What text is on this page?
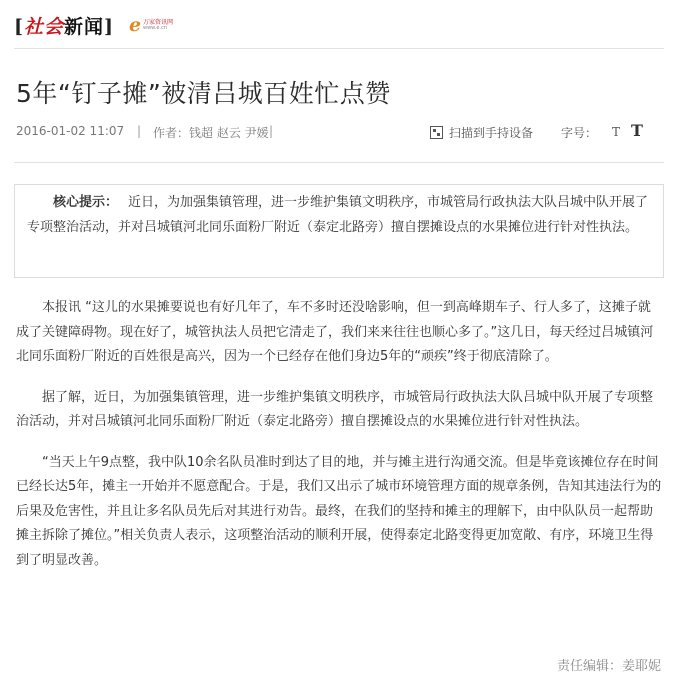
[社会新闻] e 万家资讯网
www.e.cn
5年“钉子摊”被清吕城百姓忙点赞
2016-01-02 11:07 | 作者：钱超 赵云 尹媛 |	扫描到手持设备 字号： T T

核心提示： 近日，为加强集镇管理，进一步维护集镇文明秩序，市城管局行政执法大队吕城中队开展了专项整治活动，并对吕城镇河北同乐面粉厂附近（泰定北路旁）擅自摆摊设点的水果摊位进行针对性执法。

本报讯 “这儿的水果摊要说也有好几年了，车不多时还没啥影响，但一到高峰期车子、行人多了，这摊子就成了关键障碍物。现在好了，城管执法人员把它清走了，我们来来往往也顺心多了。”这几日，每天经过吕城镇河北同乐面粉厂附近的百姓很是高兴，因为一个已经存在他们身边5年的“顽疾”终于彻底清除了。

据了解，近日，为加强集镇管理，进一步维护集镇文明秩序，市城管局行政执法大队吕城中队开展了专项整治活动，并对吕城镇河北同乐面粉厂附近（泰定北路旁）擅自摆摊设点的水果摊位进行针对性执法。

“当天上午9点整，我中队10余名队员准时到达了目的地，并与摊主进行沟通交流。但是毕竟该摊位存在时间已经长达5年，摊主一开始并不愿意配合。于是，我们又出示了城市环境管理方面的规章条例，告知其违法行为的后果及危害性，并且让多名队员先后对其进行劝告。最终，在我们的坚持和摊主的理解下，由中队队员一起帮助摊主拆除了摊位。”相关负责人表示，这项整治活动的顺利开展，使得泰定北路变得更加宽敞、有序，环境卫生得到了明显改善。

责任编辑：姜耶妮
